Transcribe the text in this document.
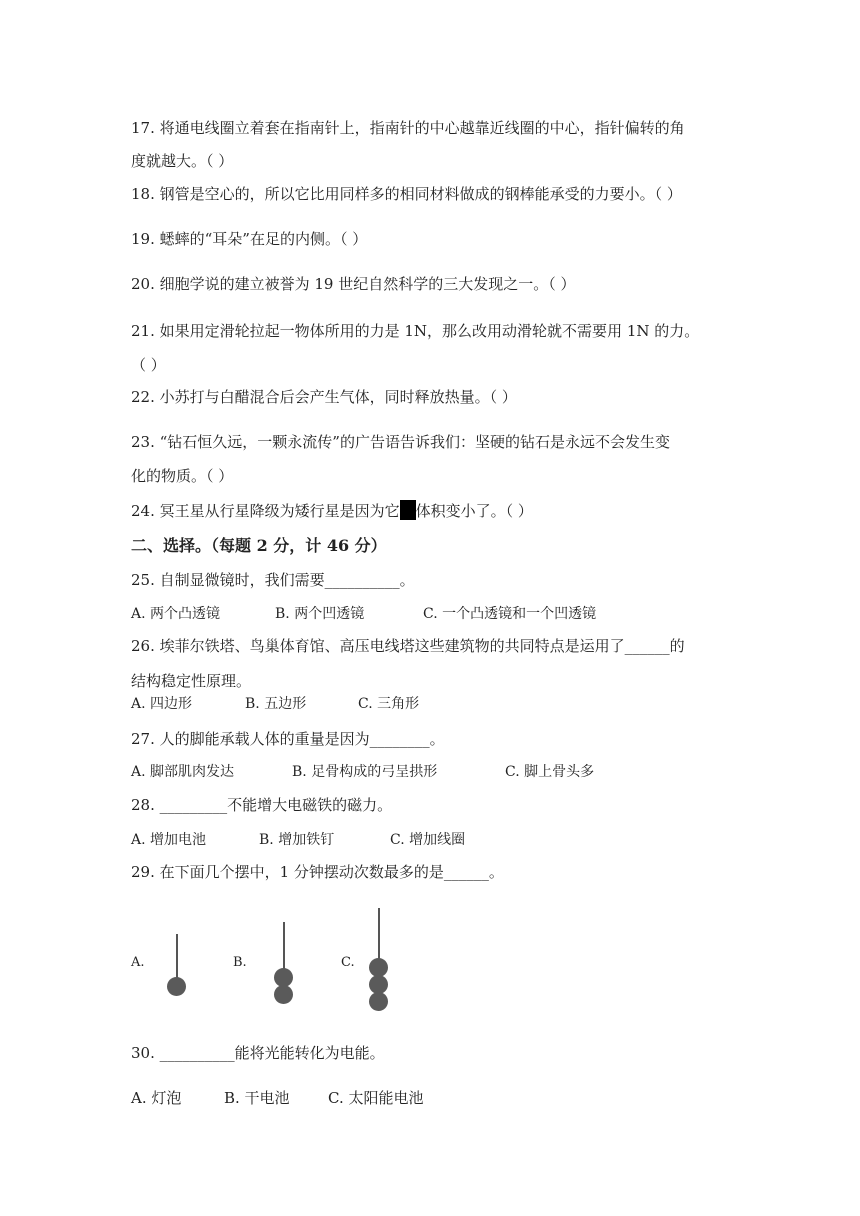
17. 将通电线圈立着套在指南针上，指南针的中心越靠近线圈的中心，指针偏转的角
度就越大。（ ）
18. 钢管是空心的，所以它比用同样多的相同材料做成的钢棒能承受的力要小。（ ）
19. 蟋蟀的“耳朵”在足的内侧。（ ）
20. 细胞学说的建立被誉为 19 世纪自然科学的三大发现之一。（ ）
21. 如果用定滑轮拉起一物体所用的力是 1N，那么改用动滑轮就不需要用 1N 的力。
（ ）
22. 小苏打与白醋混合后会产生气体，同时释放热量。（ ）
23. “钻石恒久远，一颗永流传”的广告语告诉我们：坚硬的钻石是永远不会发生变
化的物质。（ ）
24. 冥王星从行星降级为矮行星是因为它 体积变小了。（ ）
二、选择。（每题 2 分，计 46 分）
25. 自制显微镜时，我们需要__________。
A. 两个凸透镜	B. 两个凹透镜	C. 一个凸透镜和一个凹透镜
26. 埃菲尔铁塔、鸟巢体育馆、高压电线塔这些建筑物的共同特点是运用了______的
结构稳定性原理。
A. 四边形	B. 五边形	C. 三角形
27. 人的脚能承载人体的重量是因为________。
A. 脚部肌肉发达	B. 足骨构成的弓呈拱形	C. 脚上骨头多
28. _________不能增大电磁铁的磁力。
A. 增加电池	B. 增加铁钉	C. 增加线圈
29. 在下面几个摆中，1 分钟摆动次数最多的是______。
A.	B.	C.
30. __________能将光能转化为电能。
A. 灯泡	B. 干电池	C. 太阳能电池
